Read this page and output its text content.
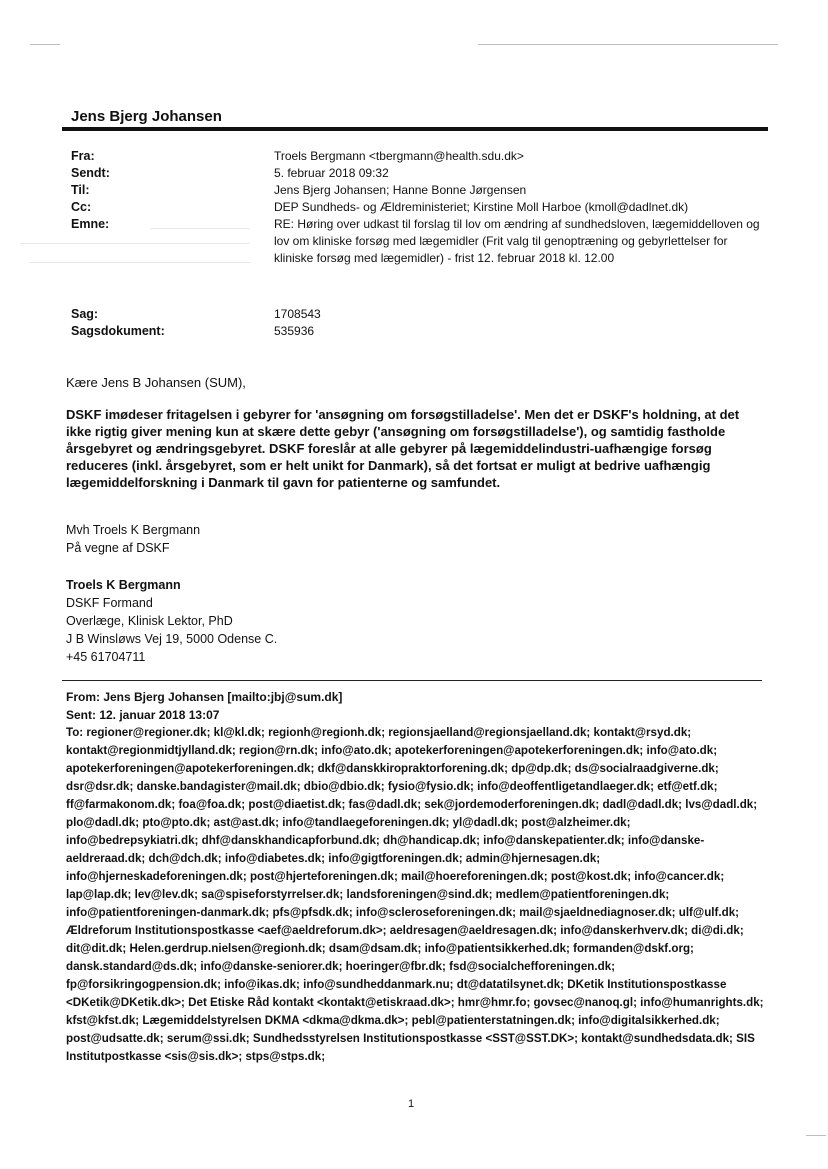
Jens Bjerg Johansen
Fra:	Troels Bergmann <tbergmann@health.sdu.dk>
Sendt:	5. februar 2018 09:32
Til:	Jens Bjerg Johansen; Hanne Bonne Jørgensen
Cc:	DEP Sundheds- og Ældreministeriet; Kirstine Moll Harboe (kmoll@dadlnet.dk)
Emne:	RE: Høring over udkast til forslag til lov om ændring af sundhedsloven, lægemiddelloven og lov om kliniske forsøg med lægemidler (Frit valg til genoptræning og gebyrlettelser for kliniske forsøg med lægemidler) - frist 12. februar 2018 kl. 12.00
Sag:	1708543
Sagsdokument:	535936
Kære Jens B Johansen (SUM),
DSKF imødeser fritagelsen i gebyrer for 'ansøgning om forsøgstilladelse'. Men det er DSKF's holdning, at det ikke rigtig giver mening kun at skære dette gebyr ('ansøgning om forsøgstilladelse'), og samtidig fastholde årsgebyret og ændringsgebyret. DSKF foreslår at alle gebyrer på lægemiddelindustri-uafhængige forsøg reduceres (inkl. årsgebyret, som er helt unikt for Danmark), så det fortsat er muligt at bedrive uafhængig lægemiddelforskning i Danmark til gavn for patienterne og samfundet.
Mvh Troels K Bergmann
På vegne af DSKF
Troels K Bergmann
DSKF Formand
Overlæge, Klinisk Lektor, PhD
J B Winsløws Vej 19, 5000 Odense C.
+45 61704711
From: Jens Bjerg Johansen [mailto:jbj@sum.dk]
Sent: 12. januar 2018 13:07
To: regioner@regioner.dk; kl@kl.dk; regionh@regionh.dk; regionsjaelland@regionsjaelland.dk; kontakt@rsyd.dk; kontakt@regionmidtjylland.dk; region@rn.dk; info@ato.dk; apotekerforeningen@apotekerforeningen.dk; info@ato.dk; apotekerforeningen@apotekerforeningen.dk; dkf@danskkiropraktorforening.dk; dp@dp.dk; ds@socialraadgiverne.dk; dsr@dsr.dk; danske.bandagister@mail.dk; dbio@dbio.dk; fysio@fysio.dk; info@deoffentligetandlaeger.dk; etf@etf.dk; ff@farmakonom.dk; foa@foa.dk; post@diaetist.dk; fas@dadl.dk; sek@jordemoderforeningen.dk; dadl@dadl.dk; lvs@dadl.dk; plo@dadl.dk; pto@pto.dk; ast@ast.dk; info@tandlaegeforeningen.dk; yl@dadl.dk; post@alzheimer.dk; info@bedrepsykiatri.dk; dhf@danskhandicapforbund.dk; dh@handicap.dk; info@danskepatienter.dk; info@danske-aeldreraad.dk; dch@dch.dk; info@diabetes.dk; info@gigtforeningen.dk; admin@hjernesagen.dk; info@hjerneskadeforeningen.dk; post@hjerteforeningen.dk; mail@hoereforeningen.dk; post@kost.dk; info@cancer.dk; lap@lap.dk; lev@lev.dk; sa@spiseforstyrrelser.dk; landsforeningen@sind.dk; medlem@patientforeningen.dk; info@patientforeningen-danmark.dk; pfs@pfsdk.dk; info@scleroseforeningen.dk; mail@sjaeldnediagnoser.dk; ulf@ulf.dk; Ældreforum Institutionspostkasse <aef@aeldreforum.dk>; aeldresagen@aeldresagen.dk; info@danskerhverv.dk; di@di.dk; dit@dit.dk; Helen.gerdrup.nielsen@regionh.dk; dsam@dsam.dk; info@patientsikkerhed.dk; formanden@dskf.org; dansk.standard@ds.dk; info@danske-seniorer.dk; hoeringer@fbr.dk; fsd@socialchefforeningen.dk; fp@forsikringogpension.dk; info@ikas.dk; info@sundheddanmark.nu; dt@datatilsynet.dk; DKetik Institutionspostkasse <DKetik@DKetik.dk>; Det Etiske Råd kontakt <kontakt@etiskraad.dk>; hmr@hmr.fo; govsec@nanoq.gl; info@humanrights.dk; kfst@kfst.dk; Lægemiddelstyrelsen DKMA <dkma@dkma.dk>; pebl@patienterstatningen.dk; info@digitalsikkerhed.dk; post@udsatte.dk; serum@ssi.dk; Sundhedsstyrelsen Institutionspostkasse <SST@SST.DK>; kontakt@sundhedsdata.dk; SIS Institutpostkasse <sis@sis.dk>; stps@stps.dk;
1
